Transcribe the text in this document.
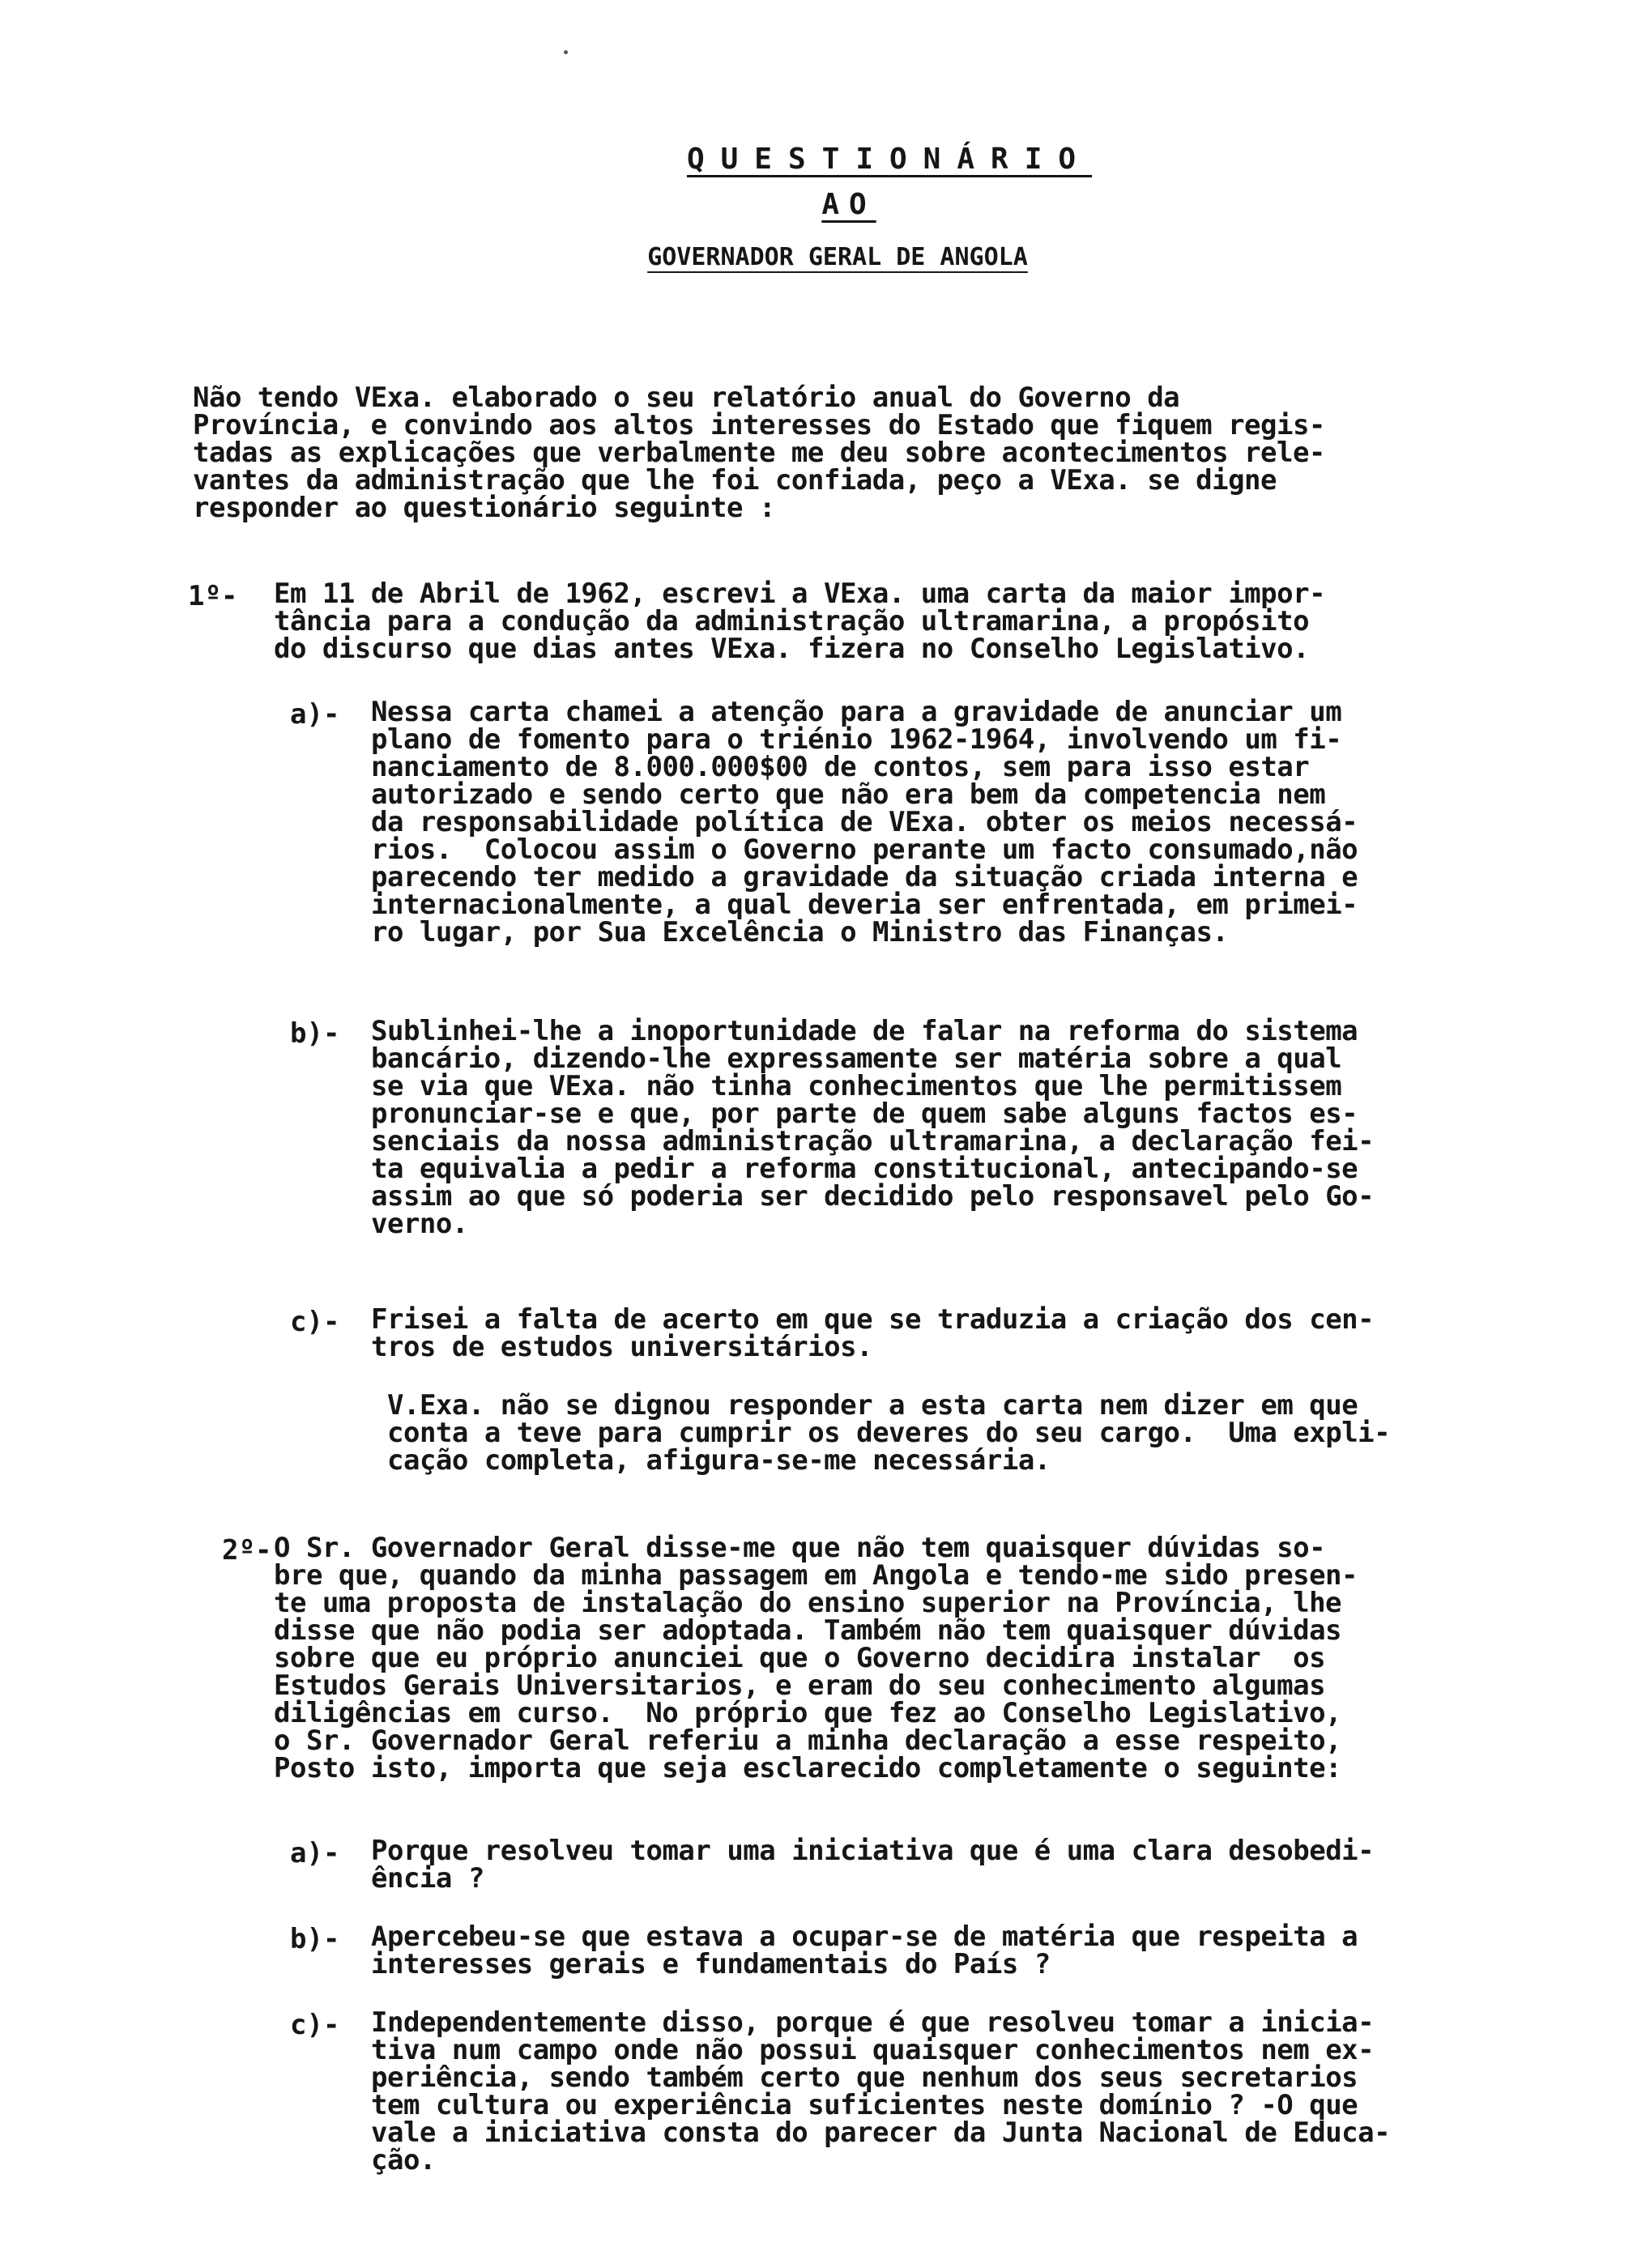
QUESTIONÁRIO
AO
GOVERNADOR GERAL DE ANGOLA
Não tendo VExa. elaborado o seu relatório anual do Governo da
Província, e convindo aos altos interesses do Estado que fiquem regis-
tadas as explicações que verbalmente me deu sobre acontecimentos rele-
vantes da administração que lhe foi confiada, peço a VExa. se digne
responder ao questionário seguinte :
1º- Em 11 de Abril de 1962, escrevi a VExa. uma carta da maior impor-
tância para a condução da administração ultramarina, a propósito
do discurso que dias antes VExa. fizera no Conselho Legislativo.
a)- Nessa carta chamei a atenção para a gravidade de anunciar um
plano de fomento para o triénio 1962-1964, involvendo um fi-
nanciamento de 8.000.000$00 de contos, sem para isso estar
autorizado e sendo certo que não era bem da competencia nem
da responsabilidade política de VExa. obter os meios necessá-
rios.  Colocou assim o Governo perante um facto consumado,não
parecendo ter medido a gravidade da situação criada interna e
internacionalmente, a qual deveria ser enfrentada, em primei-
ro lugar, por Sua Excelência o Ministro das Finanças.
b)- Sublinhei-lhe a inoportunidade de falar na reforma do sistema
bancário, dizendo-lhe expressamente ser matéria sobre a qual
se via que VExa. não tinha conhecimentos que lhe permitissem
pronunciar-se e que, por parte de quem sabe alguns factos es-
senciais da nossa administração ultramarina, a declaração fei-
ta equivalia a pedir a reforma constitucional, antecipando-se
assim ao que só poderia ser decidido pelo responsavel pelo Go-
verno.
c)- Frisei a falta de acerto em que se traduzia a criação dos cen-
tros de estudos universitários.
V.Exa. não se dignou responder a esta carta nem dizer em que
conta a teve para cumprir os deveres do seu cargo.  Uma expli-
cação completa, afigura-se-me necessária.
2º- O Sr. Governador Geral disse-me que não tem quaisquer dúvidas so-
bre que, quando da minha passagem em Angola e tendo-me sido presen-
te uma proposta de instalação do ensino superior na Província, lhe
disse que não podia ser adoptada. Também não tem quaisquer dúvidas
sobre que eu próprio anunciei que o Governo decidira instalar  os
Estudos Gerais Universitarios, e eram do seu conhecimento algumas
diligências em curso.  No próprio que fez ao Conselho Legislativo,
o Sr. Governador Geral referiu a minha declaração a esse respeito,
Posto isto, importa que seja esclarecido completamente o seguinte:
a)- Porque resolveu tomar uma iniciativa que é uma clara desobedi-
ência ?
b)- Apercebeu-se que estava a ocupar-se de matéria que respeita a
interesses gerais e fundamentais do País ?
c)- Independentemente disso, porque é que resolveu tomar a inicia-
tiva num campo onde não possui quaisquer conhecimentos nem ex-
periência, sendo também certo que nenhum dos seus secretarios
tem cultura ou experiência suficientes neste domínio ? -O que
vale a iniciativa consta do parecer da Junta Nacional de Educa-
ção.
